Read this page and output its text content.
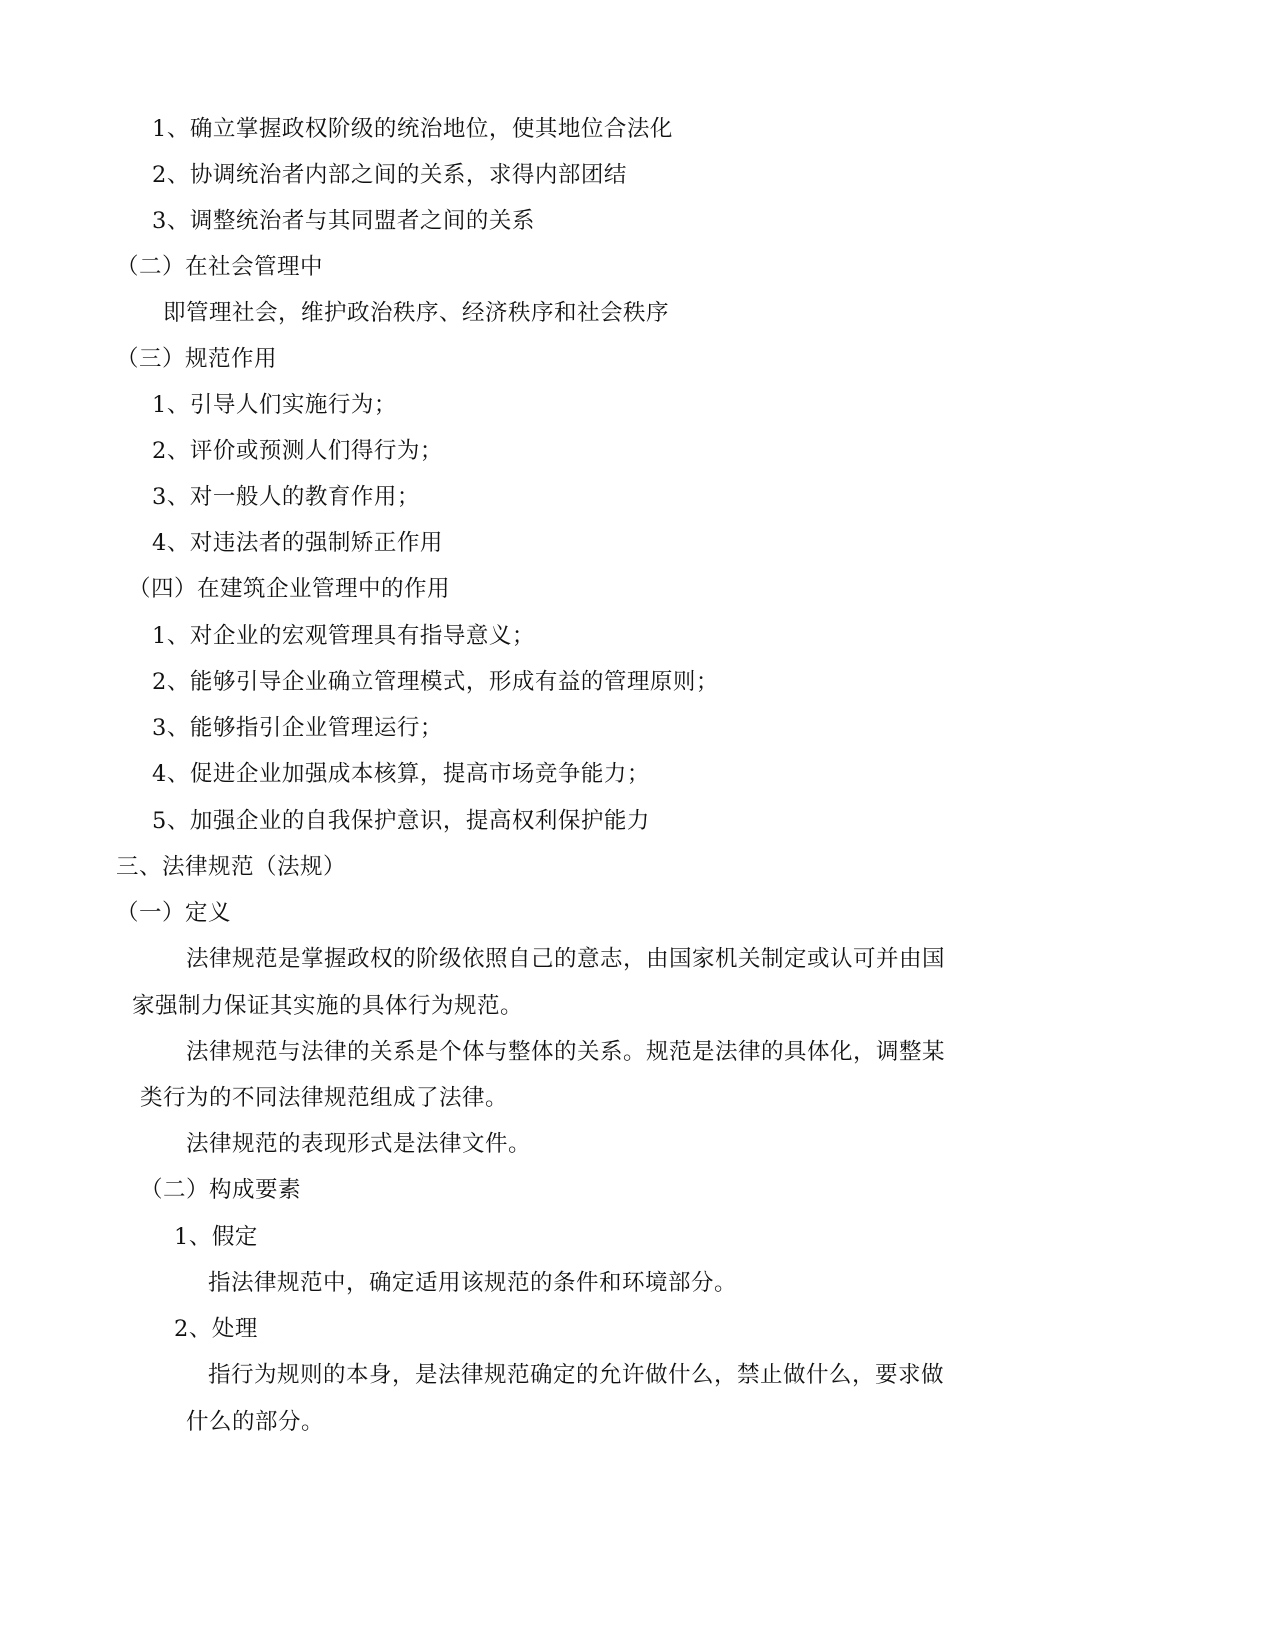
1、确立掌握政权阶级的统治地位，使其地位合法化
2、协调统治者内部之间的关系，求得内部团结
3、调整统治者与其同盟者之间的关系
（二）在社会管理中
即管理社会，维护政治秩序、经济秩序和社会秩序
（三）规范作用
1、引导人们实施行为；
2、评价或预测人们得行为；
3、对一般人的教育作用；
4、对违法者的强制矫正作用
（四）在建筑企业管理中的作用
1、对企业的宏观管理具有指导意义；
2、能够引导企业确立管理模式，形成有益的管理原则；
3、能够指引企业管理运行；
4、促进企业加强成本核算，提高市场竞争能力；
5、加强企业的自我保护意识，提高权利保护能力
三、法律规范（法规）
（一）定义
法律规范是掌握政权的阶级依照自己的意志，由国家机关制定或认可并由国
家强制力保证其实施的具体行为规范。
法律规范与法律的关系是个体与整体的关系。规范是法律的具体化，调整某
类行为的不同法律规范组成了法律。
法律规范的表现形式是法律文件。
（二）构成要素
1、假定
指法律规范中，确定适用该规范的条件和环境部分。
2、处理
指行为规则的本身，是法律规范确定的允许做什么，禁止做什么，要求做
什么的部分。
